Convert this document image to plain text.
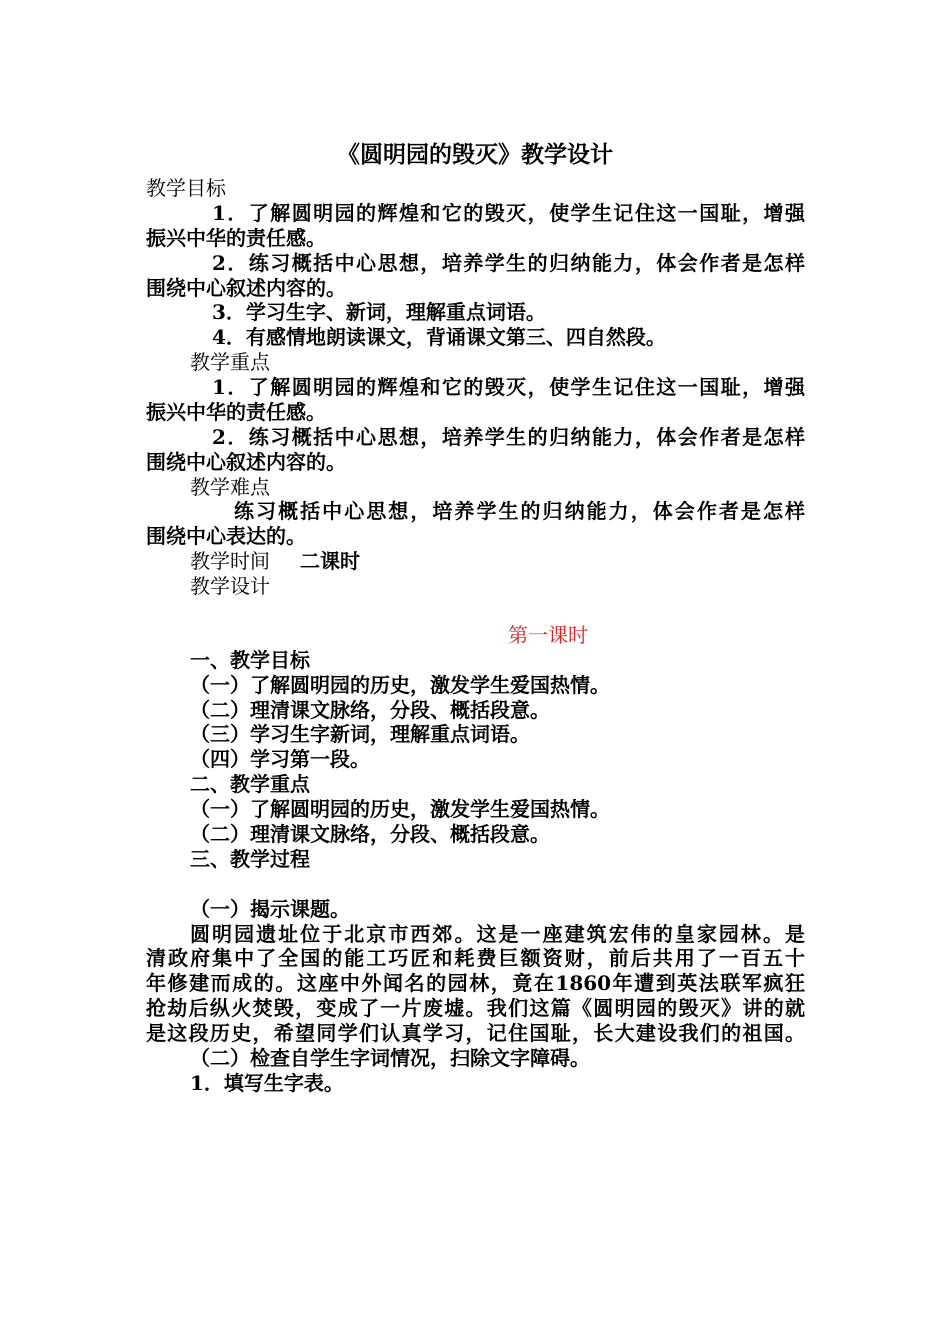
《圆明园的毁灭》教学设计
教学目标
1．了解圆明园的辉煌和它的毁灭，使学生记住这一国耻，增强
振兴中华的责任感。
2．练习概括中心思想，培养学生的归纳能力，体会作者是怎样
围绕中心叙述内容的。
3．学习生字、新词，理解重点词语。
4．有感情地朗读课文，背诵课文第三、四自然段。
教学重点
1．了解圆明园的辉煌和它的毁灭，使学生记住这一国耻，增强
振兴中华的责任感。
2．练习概括中心思想，培养学生的归纳能力，体会作者是怎样
围绕中心叙述内容的。
教学难点
练习概括中心思想，培养学生的归纳能力，体会作者是怎样
围绕中心表达的。
教学时间 二课时
教学设计
第一课时
一、教学目标
（一）了解圆明园的历史，激发学生爱国热情。
（二）理清课文脉络，分段、概括段意。
（三）学习生字新词，理解重点词语。
（四）学习第一段。
二、教学重点
（一）了解圆明园的历史，激发学生爱国热情。
（二）理清课文脉络，分段、概括段意。
三、教学过程
（一）揭示课题。
圆明园遗址位于北京市西郊。这是一座建筑宏伟的皇家园林。是
清政府集中了全国的能工巧匠和耗费巨额资财，前后共用了一百五十
年修建而成的。这座中外闻名的园林，竟在1860年遭到英法联军疯狂
抢劫后纵火焚毁，变成了一片废墟。我们这篇《圆明园的毁灭》讲的就
是这段历史，希望同学们认真学习，记住国耻，长大建设我们的祖国。
（二）检查自学生字词情况，扫除文字障碍。
1．填写生字表。
